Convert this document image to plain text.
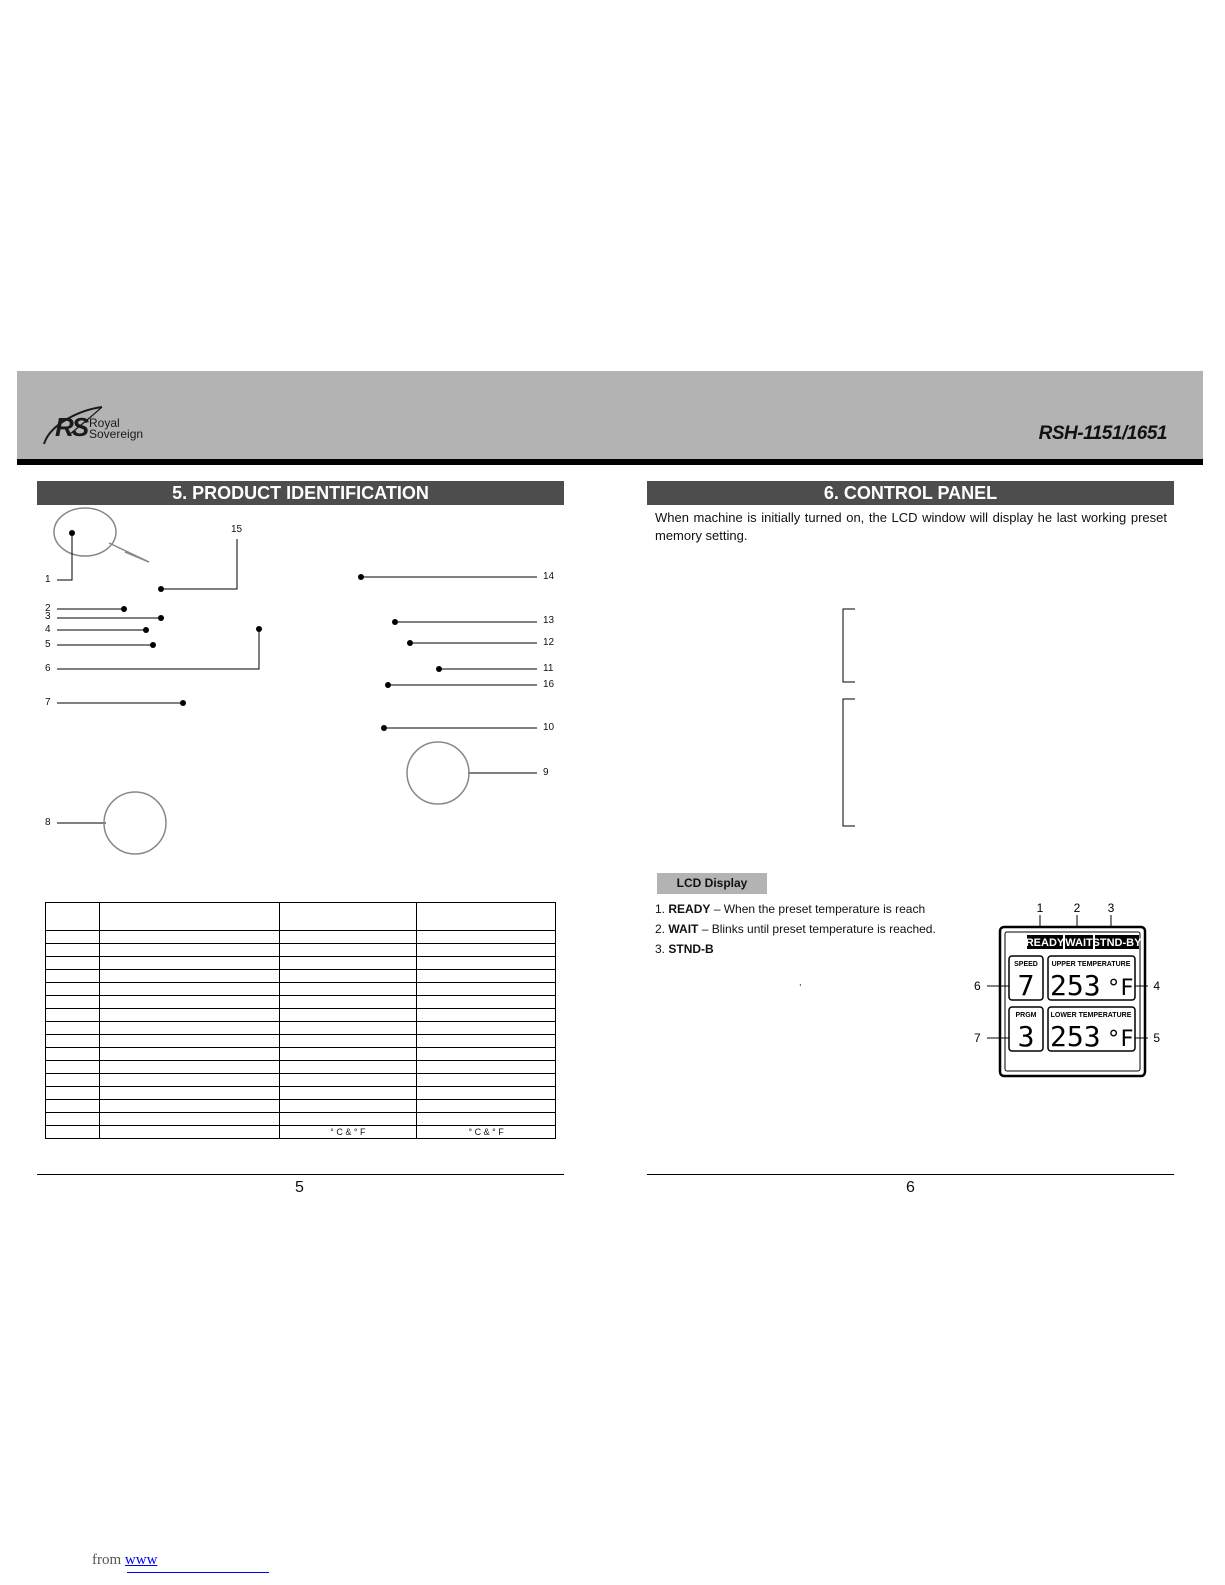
RS Royal
Sovereign	RSH-1151/1651
5. PRODUCT IDENTIFICATION
1
2
3
4
5
6
7
8
9
10
11
12
13
14
15
16

		° C & ° F	° C & ° F
5
6. CONTROL PANEL

When machine is initially turned on, the LCD window will display he last working preset memory setting.

LCD Display
1. READY – When the preset temperature is reach
2. WAIT – Blinks until preset temperature is reached.
3. STND-B
,
1	2 3
READY WAIT STND-BY
SPEED
7
UPPER TEMPERATURE
253 °F
PRGM
3
LOWER TEMPERATURE
253 °F
6	4
7	5
6
from www
